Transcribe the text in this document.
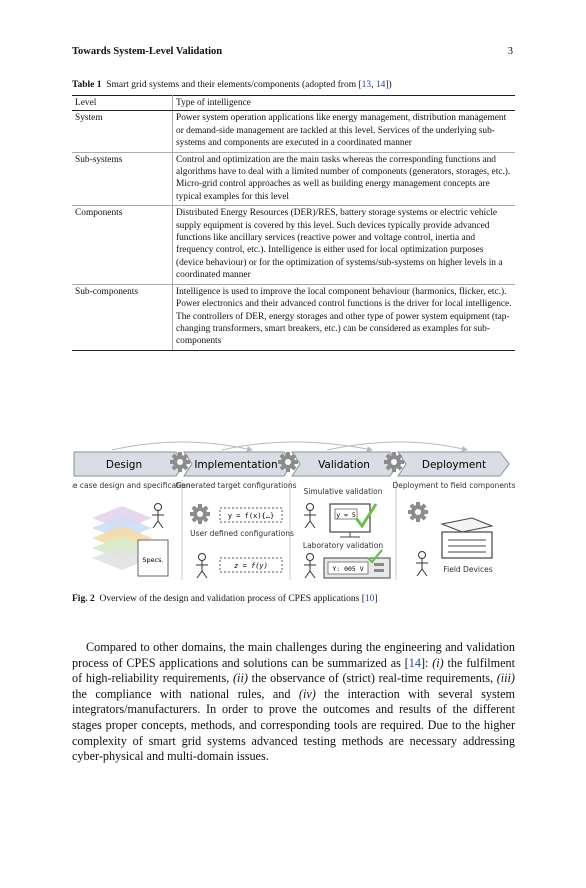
Towards System-Level Validation	3
Table 1 Smart grid systems and their elements/components (adopted from [13, 14])
Level	Type of intelligence
System	Power system operation applications like energy management, distribution management or demand-side management are tackled at this level. Services of the underlying sub-systems and components are executed in a coordinated manner
Sub-systems	Control and optimization are the main tasks whereas the corresponding functions and algorithms have to deal with a limited number of components (generators, storages, etc.). Micro-grid control approaches as well as building energy management concepts are typical examples for this level
Components	Distributed Energy Resources (DER)/RES, battery storage systems or electric vehicle supply equipment is covered by this level. Such devices typically provide advanced functions like ancillary services (reactive power and voltage control, inertia and frequency control, etc.). Intelligence is either used for local optimization purposes (device behaviour) or for the optimization of systems/sub-systems on higher levels in a coordinated manner
Sub-components	Intelligence is used to improve the local component behaviour (harmonics, flicker, etc.). Power electronics and their advanced control functions is the driver for local intelligence. The controllers of DER, energy storages and other type of power system equipment (tap-changing transformers, smart breakers, etc.) can be considered as examples for sub-components
Design	Implementation	Validation	Deployment
Use case design and specification
Specs.
Generated target configurations
y = f(x){…}
User defined configurations
z = f(y)
Simulative validation
y = 5
Laboratory validation
Y: 005 V
Deployment to field components
Field Devices
Fig. 2 Overview of the design and validation process of CPES applications [10]
Compared to other domains, the main challenges during the engineering and validation process of CPES applications and solutions can be summarized as [14]: (i) the fulfilment of high-reliability requirements, (ii) the observance of (strict) real-time requirements, (iii) the compliance with national rules, and (iv) the interaction with several system integrators/manufacturers. In order to prove the outcomes and results of the different stages proper concepts, methods, and corresponding tools are required. Due to the higher complexity of smart grid systems advanced testing methods are necessary addressing cyber-physical and multi-domain issues.
